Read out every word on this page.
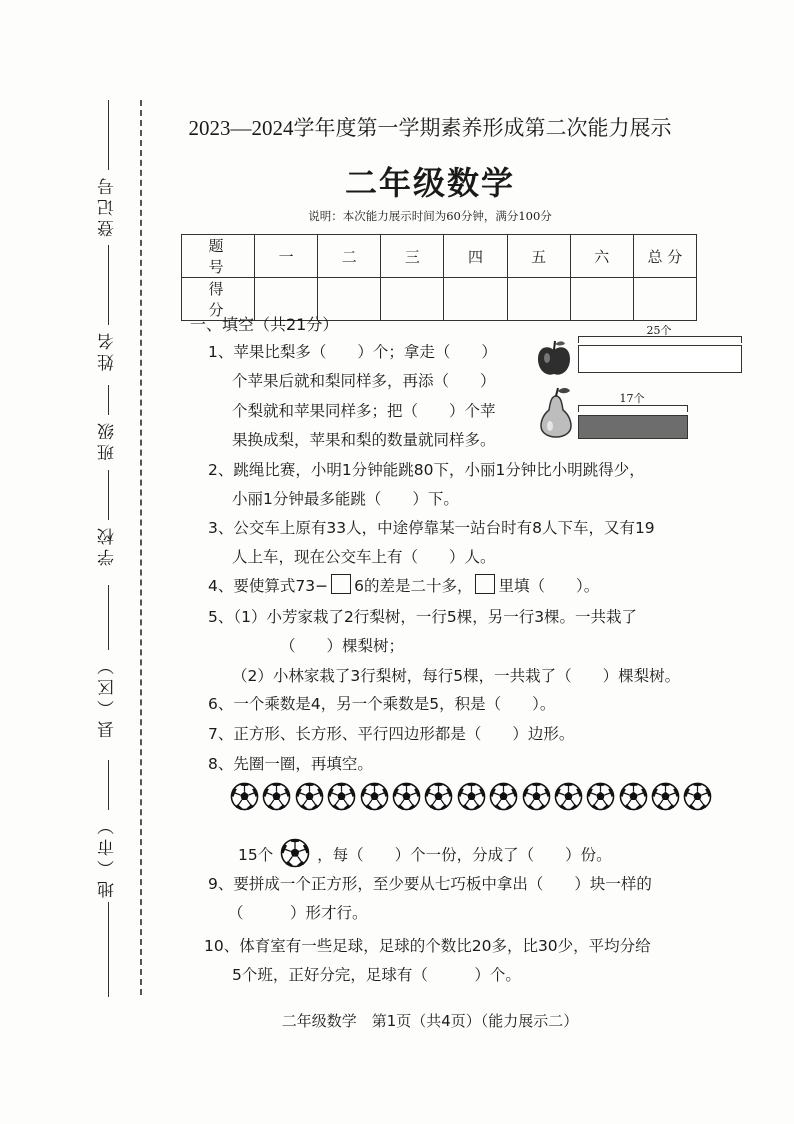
登记号
姓名
班级
学校
县（区）
地（市）
2023—2024学年度第一学期素养形成第二次能力展示
二年级数学
说明：本次能力展示时间为60分钟，满分100分
题 号	一	二	三	四	五	六	总 分
得 分							
一、填空（共21分）
1、苹果比梨多（　　）个；拿走（　　）
个苹果后就和梨同样多，再添（　　）
个梨就和苹果同样多；把（　　）个苹
果换成梨，苹果和梨的数量就同样多。
25个
17个
2、跳绳比赛，小明1分钟能跳80下，小丽1分钟比小明跳得少，
小丽1分钟最多能跳（　　）下。
3、公交车上原有33人，中途停靠某一站台时有8人下车，又有19
人上车，现在公交车上有（　　）人。
4、要使算式73− 6的差是二十多， 里填（　　）。
5、（1）小芳家栽了2行梨树，一行5棵，另一行3棵。一共栽了
（　　）棵梨树；
（2）小林家栽了3行梨树，每行5棵，一共栽了（　　）棵梨树。
6、一个乘数是4，另一个乘数是5，积是（　　）。
7、正方形、长方形、平行四边形都是（　　）边形。
8、先圈一圈，再填空。
15个	，每（　　）个一份，分成了（　　）份。
9、要拼成一个正方形，至少要从七巧板中拿出（　　）块一样的
（　　　）形才行。
10、体育室有一些足球，足球的个数比20多，比30少，平均分给
5个班，正好分完，足球有（　　　）个。
二年级数学　第1页（共4页）（能力展示二）
